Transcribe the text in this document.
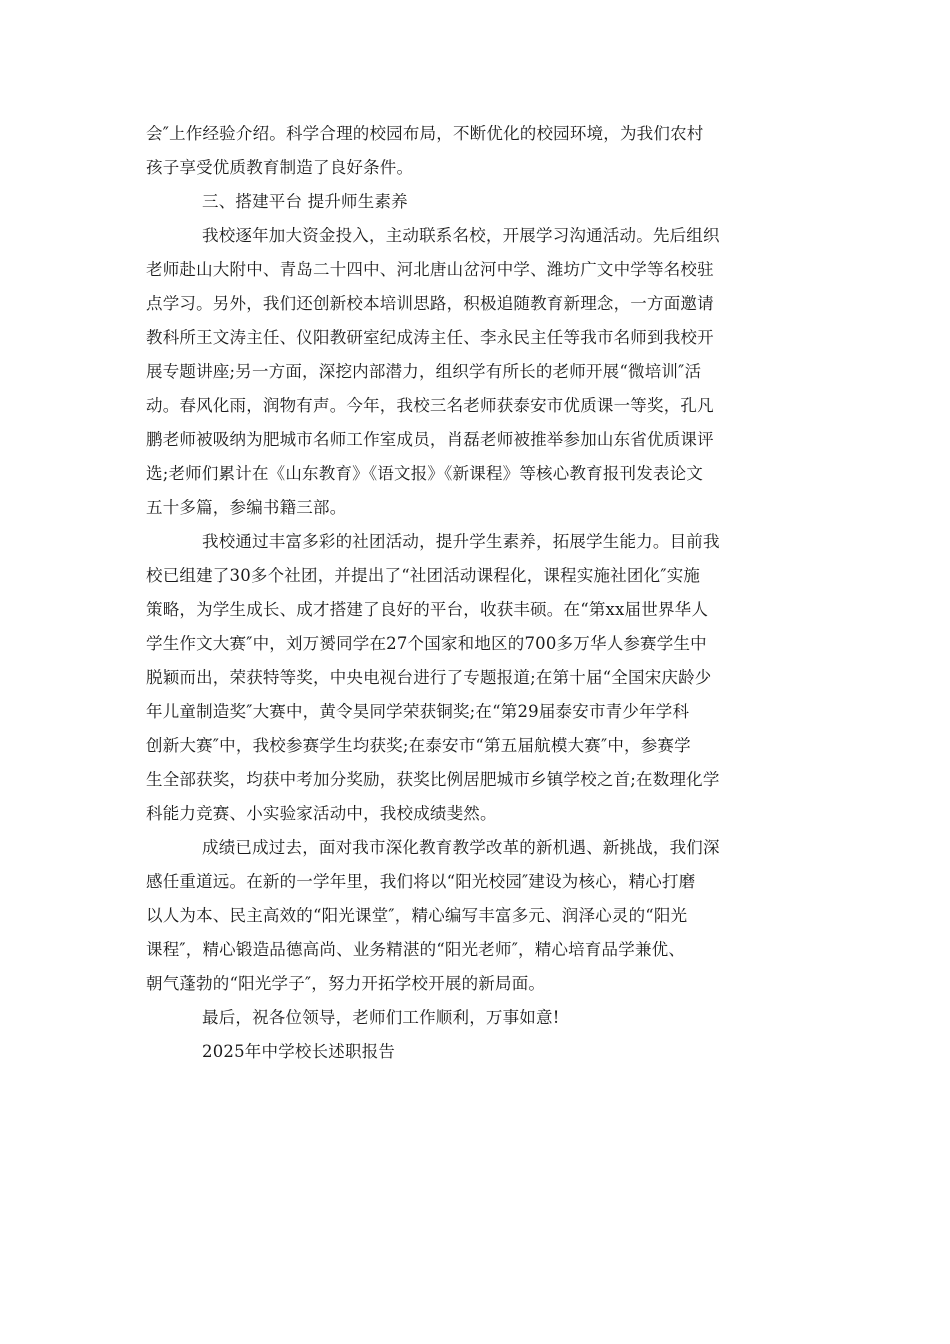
会″上作经验介绍。科学合理的校园布局，不断优化的校园环境，为我们农村
孩子享受优质教育制造了良好条件。
三、搭建平台 提升师生素养
我校逐年加大资金投入，主动联系名校，开展学习沟通活动。先后组织
老师赴山大附中、青岛二十四中、河北唐山岔河中学、潍坊广文中学等名校驻
点学习。另外，我们还创新校本培训思路，积极追随教育新理念，一方面邀请
教科所王文涛主任、仪阳教研室纪成涛主任、李永民主任等我市名师到我校开
展专题讲座;另一方面，深挖内部潜力，组织学有所长的老师开展“微培训″活
动。春风化雨，润物有声。今年，我校三名老师获泰安市优质课一等奖，孔凡
鹏老师被吸纳为肥城市名师工作室成员，肖磊老师被推举参加山东省优质课评
选;老师们累计在《山东教育》《语文报》《新课程》等核心教育报刊发表论文
五十多篇，参编书籍三部。
我校通过丰富多彩的社团活动，提升学生素养，拓展学生能力。目前我
校已组建了30多个社团，并提出了“社团活动课程化，课程实施社团化″实施
策略，为学生成长、成才搭建了良好的平台，收获丰硕。在“第xx届世界华人
学生作文大赛″中，刘万赟同学在27个国家和地区的700多万华人参赛学生中
脱颖而出，荣获特等奖，中央电视台进行了专题报道;在第十届“全国宋庆龄少
年儿童制造奖″大赛中，黄令昊同学荣获铜奖;在“第29届泰安市青少年学科
创新大赛″中，我校参赛学生均获奖;在泰安市“第五届航模大赛″中，参赛学
生全部获奖，均获中考加分奖励，获奖比例居肥城市乡镇学校之首;在数理化学
科能力竞赛、小实验家活动中，我校成绩斐然。
成绩已成过去，面对我市深化教育教学改革的新机遇、新挑战，我们深
感任重道远。在新的一学年里，我们将以“阳光校园″建设为核心，精心打磨
以人为本、民主高效的“阳光课堂″，精心编写丰富多元、润泽心灵的“阳光
课程″，精心锻造品德高尚、业务精湛的“阳光老师″，精心培育品学兼优、
朝气蓬勃的“阳光学子″，努力开拓学校开展的新局面。
最后，祝各位领导，老师们工作顺利，万事如意!
2025年中学校长述职报告
